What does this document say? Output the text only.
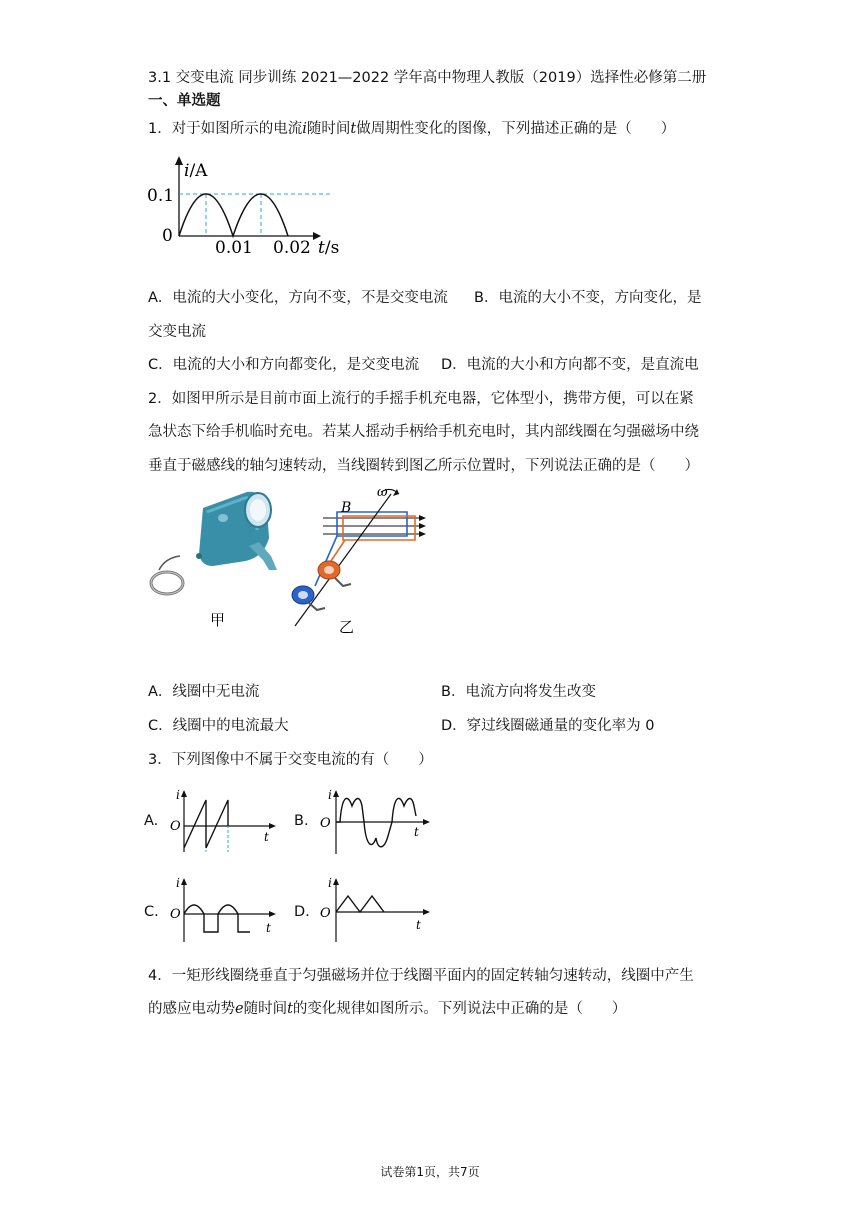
3.1 交变电流 同步训练 2021—2022 学年高中物理人教版（2019）选择性必修第二册
一、单选题
1．对于如图所示的电流i随时间t做周期性变化的图像，下列描述正确的是（　　）
i/A
0.1
0
0.01 0.02 t/s
A．电流的大小变化，方向不变，不是交变电流 B．电流的大小不变，方向变化，是
交变电流
C．电流的大小和方向都变化，是交变电流 D．电流的大小和方向都不变，是直流电
2．如图甲所示是目前市面上流行的手摇手机充电器，它体型小，携带方便，可以在紧
急状态下给手机临时充电。若某人摇动手柄给手机充电时，其内部线圈在匀强磁场中绕
垂直于磁感线的轴匀速转动，当线圈转到图乙所示位置时，下列说法正确的是（　　）
甲
B
ω
乙
A．线圈中无电流	B．电流方向将发生改变
C．线圈中的电流最大	D．穿过线圈磁通量的变化率为 0
3．下列图像中不属于交变电流的有（　　）
A.
i
O
t
B.
i
O
t
C.
i
O
t
D.
i
O
t
4．一矩形线圈绕垂直于匀强磁场并位于线圈平面内的固定转轴匀速转动，线圈中产生
的感应电动势e随时间t的变化规律如图所示。下列说法中正确的是（　　）
试卷第1页，共7页
